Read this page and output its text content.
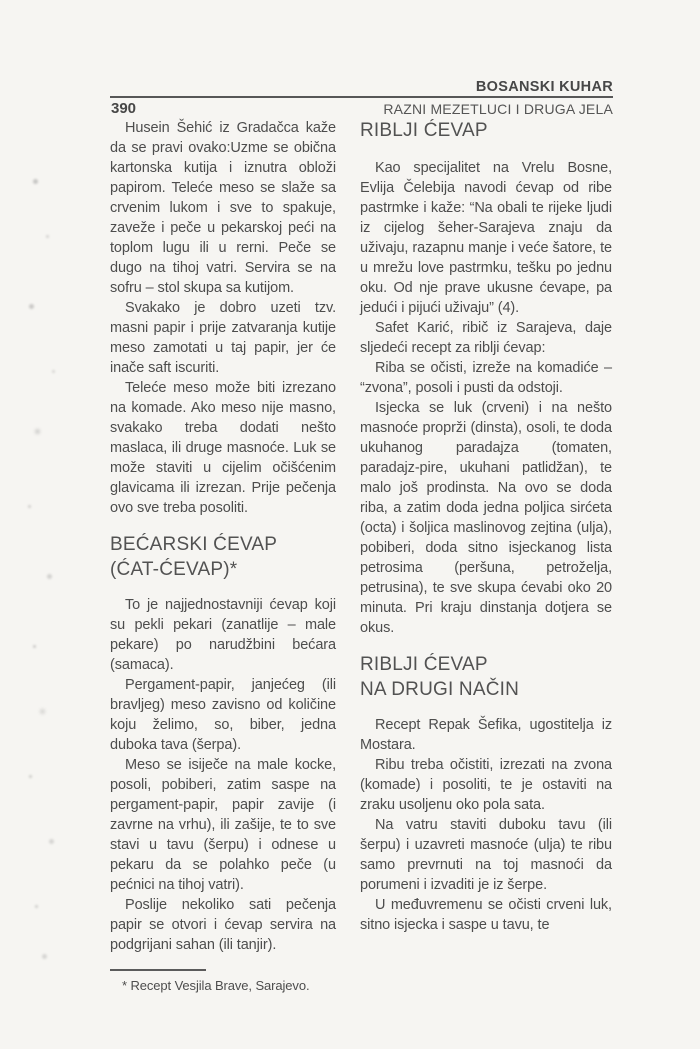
BOSANSKI KUHAR
390	RAZNI MEZETLUCI I DRUGA JELA

Husein Šehić iz Gradačca kaže da se pravi ovako:Uzme se obična kartonska kutija i iznutra obloži papirom. Teleće meso se slaže sa crvenim lukom i sve to spakuje, zaveže i peče u pekarskoj peći na toplom lugu ili u rerni. Peče se dugo na tihoj vatri. Servira se na sofru – stol skupa sa kutijom.

Svakako je dobro uzeti tzv. masni papir i prije zatvaranja kutije meso zamotati u taj papir, jer će inače saft iscuriti.

Teleće meso može biti izrezano na komade. Ako meso nije masno, svakako treba dodati nešto maslaca, ili druge masnoće. Luk se može staviti u cijelim očišćenim glavicama ili izrezan. Prije pečenja ovo sve treba posoliti.

BEĆARSKI ĆEVAP
(ĆAT-ĆEVAP)*

To je najjednostavniji ćevap koji su pekli pekari (zanatlije – male pekare) po narudžbini bećara (samaca).

Pergament-papir, janjećeg (ili bravljeg) meso zavisno od količine koju želimo, so, biber, jedna duboka tava (šerpa).

Meso se isiječe na male kocke, posoli, pobiberi, zatim saspe na pergament-papir, papir zavije (i zavrne na vrhu), ili zašije, te to sve stavi u tavu (šerpu) i odnese u pekaru da se polahko peče (u pećnici na tihoj vatri).

Poslije nekoliko sati pečenja papir se otvori i ćevap servira na podgrijani sahan (ili tanjir).

* Recept Vesjila Brave, Sarajevo.
RIBLJI ĆEVAP

Kao specijalitet na Vrelu Bosne, Evlija Čelebija navodi ćevap od ribe pastrmke i kaže: “Na obali te rijeke ljudi iz cijelog šeher-Sarajeva znaju da uživaju, razapnu manje i veće šatore, te u mrežu love pastrmku, tešku po jednu oku. Od nje prave ukusne ćevape, pa jedući i pijući uživaju” (4).

Safet Karić, ribič iz Sarajeva, daje sljedeći recept za riblji ćevap:

Riba se očisti, izreže na komadiće – “zvona”, posoli i pusti da odstoji.

Isjecka se luk (crveni) i na nešto masnoće proprži (dinsta), osoli, te doda ukuhanog paradajza (tomaten, paradajz-pire, ukuhani patlidžan), te malo još prodinsta. Na ovo se doda riba, a zatim doda jedna poljica sirćeta (octa) i šoljica maslinovog zejtina (ulja), pobiberi, doda sitno isjeckanog lista petrosima (peršuna, petroželja, petrusina), te sve skupa ćevabi oko 20 minuta. Pri kraju dinstanja dotjera se okus.

RIBLJI ĆEVAP
NA DRUGI NAČIN

Recept Repak Šefika, ugostitelja iz Mostara.

Ribu treba očistiti, izrezati na zvona (komade) i posoliti, te je ostaviti na zraku usoljenu oko pola sata.

Na vatru staviti duboku tavu (ili šerpu) i uzavreti masnoće (ulja) te ribu samo prevrnuti na toj masnoći da porumeni i izvaditi je iz šerpe.

U međuvremenu se očisti crveni luk, sitno isjecka i saspe u tavu, te
